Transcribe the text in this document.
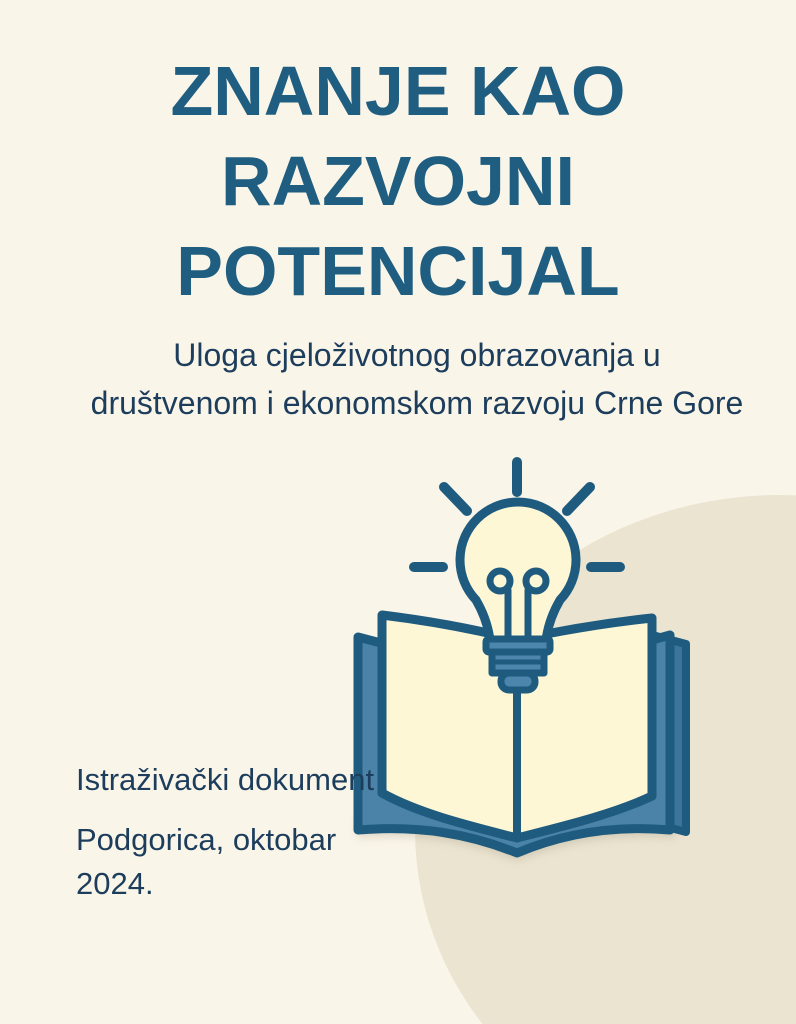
ZNANJE KAO
RAZVOJNI
POTENCIJAL
Uloga cjeloživotnog obrazovanja u
društvenom i ekonomskom razvoju Crne Gore

Istraživački dokument

Podgorica, oktobar 2024.
